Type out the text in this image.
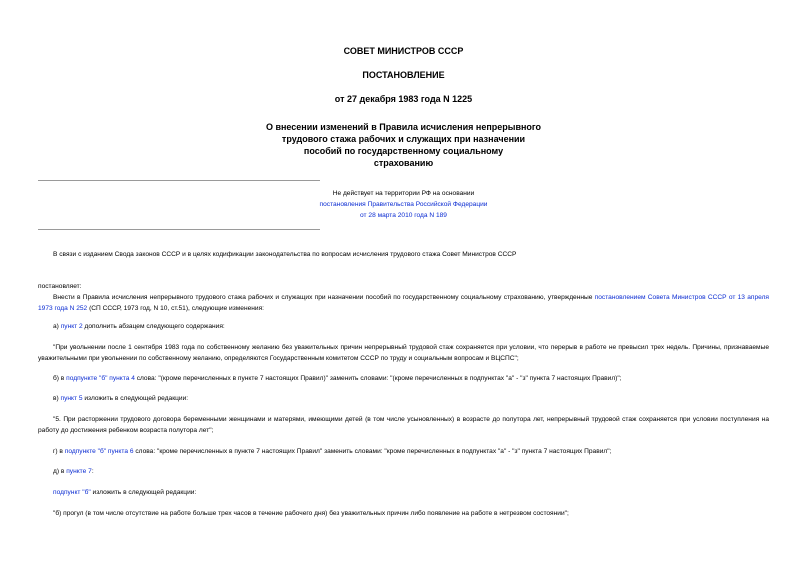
СОВЕТ МИНИСТРОВ СССР
ПОСТАНОВЛЕНИЕ
от 27 декабря 1983 года N 1225
О внесении изменений в Правила исчисления непрерывного
трудового стажа рабочих и служащих при назначении
пособий по государственному социальному
страхованию
Не действует на территории РФ на основании
постановления Правительства Российской Федерации
от 28 марта 2010 года N 189
В связи с изданием Свода законов СССР и в целях кодификации законодательства по вопросам исчисления трудового стажа Совет Министров СССР
постановляет:
Внести в Правила исчисления непрерывного трудового стажа рабочих и служащих при назначении пособий по государственному социальному страхованию, утвержденные постановлением Совета Министров СССР от 13 апреля 1973 года N 252 (СП СССР, 1973 год, N 10, ст.51), следующие изменения:
а) пункт 2 дополнить абзацем следующего содержания:
"При увольнении после 1 сентября 1983 года по собственному желанию без уважительных причин непрерывный трудовой стаж сохраняется при условии, что перерыв в работе не превысил трех недель. Причины, признаваемые уважительными при увольнении по собственному желанию, определяются Государственным комитетом СССР по труду и социальным вопросам и ВЦСПС";
б) в подпункте "б" пункта 4 слова: "(кроме перечисленных в пункте 7 настоящих Правил)" заменить словами: "(кроме перечисленных в подпунктах "а" - "з" пункта 7 настоящих Правил)";
в) пункт 5 изложить в следующей редакции:
"5. При расторжении трудового договора беременными женщинами и матерями, имеющими детей (в том числе усыновленных) в возрасте до полутора лет, непрерывный трудовой стаж сохраняется при условии поступления на работу до достижения ребенком возраста полутора лет";
г) в подпункте "б" пункта 6 слова: "кроме перечисленных в пункте 7 настоящих Правил" заменить словами: "кроме перечисленных в подпунктах "а" - "з" пункта 7 настоящих Правил";
д) в пункте 7:
подпункт "б" изложить в следующей редакции:
"б) прогул (в том числе отсутствие на работе больше трех часов в течение рабочего дня) без уважительных причин либо появление на работе в нетрезвом состоянии";
